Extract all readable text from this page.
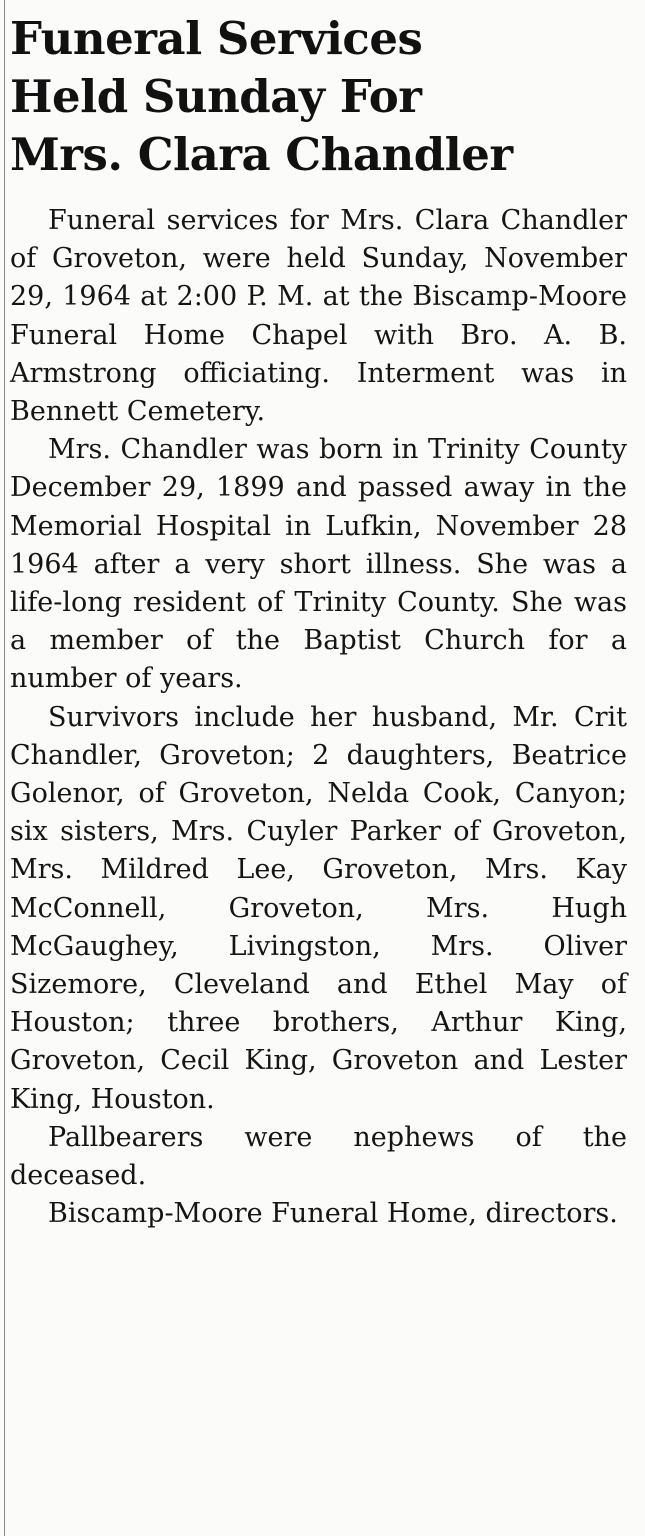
Funeral Services
Held Sunday For
Mrs. Clara Chandler

Funeral services for Mrs. Clara Chandler of Groveton, were held Sunday, November 29, 1964 at 2:00 P. M. at the Biscamp-Moore Funeral Home Chapel with Bro. A. B. Armstrong officiating. Interment was in Bennett Cemetery.

Mrs. Chandler was born in Trinity County December 29, 1899 and passed away in the Memorial Hospital in Lufkin, November 28 1964 after a very short illness. She was a life-long resident of Trinity County. She was a member of the Baptist Church for a number of years.

Survivors include her husband, Mr. Crit Chandler, Groveton; 2 daughters, Beatrice Golenor, of Groveton, Nelda Cook, Canyon; six sisters, Mrs. Cuyler Parker of Groveton, Mrs. Mildred Lee, Groveton, Mrs. Kay McConnell, Groveton, Mrs. Hugh McGaughey, Livingston, Mrs. Oliver Sizemore, Cleveland and Ethel May of Houston; three brothers, Arthur King, Groveton, Cecil King, Groveton and Lester King, Houston.

Pallbearers were nephews of the deceased.

Biscamp-Moore Funeral Home, directors.
